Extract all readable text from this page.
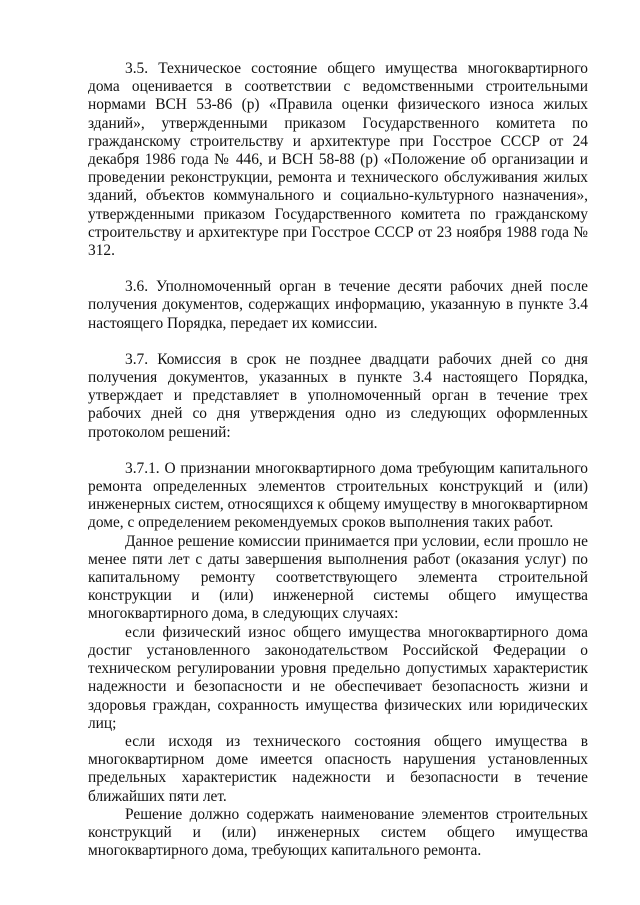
3.5. Техническое состояние общего имущества многоквартирного дома оценивается в соответствии с ведомственными строительными нормами ВСН 53-86 (р) «Правила оценки физического износа жилых зданий», утвержденными приказом Государственного комитета по гражданскому строительству и архитектуре при Госстрое СССР от 24 декабря 1986 года № 446, и ВСН 58-88 (р) «Положение об организации и проведении реконструкции, ремонта и технического обслуживания жилых зданий, объектов коммунального и социально-культурного назначения», утвержденными приказом Государственного комитета по гражданскому строительству и архитектуре при Госстрое СССР от 23 ноября 1988 года № 312.

3.6. Уполномоченный орган в течение десяти рабочих дней после получения документов, содержащих информацию, указанную в пункте 3.4 настоящего Порядка, передает их комиссии.

3.7. Комиссия в срок не позднее двадцати рабочих дней со дня получения документов, указанных в пункте 3.4 настоящего Порядка, утверждает и представляет в уполномоченный орган в течение трех рабочих дней со дня утверждения одно из следующих оформленных протоколом решений:

3.7.1. О признании многоквартирного дома требующим капитального ремонта определенных элементов строительных конструкций и (или) инженерных систем, относящихся к общему имуществу в многоквартирном доме, с определением рекомендуемых сроков выполнения таких работ.

Данное решение комиссии принимается при условии, если прошло не менее пяти лет с даты завершения выполнения работ (оказания услуг) по капитальному ремонту соответствующего элемента строительной конструкции и (или) инженерной системы общего имущества многоквартирного дома, в следующих случаях:

если физический износ общего имущества многоквартирного дома достиг установленного законодательством Российской Федерации о техническом регулировании уровня предельно допустимых характеристик надежности и безопасности и не обеспечивает безопасность жизни и здоровья граждан, сохранность имущества физических или юридических лиц;

если исходя из технического состояния общего имущества в многоквартирном доме имеется опасность нарушения установленных предельных характеристик надежности и безопасности в течение ближайших пяти лет.

Решение должно содержать наименование элементов строительных конструкций и (или) инженерных систем общего имущества многоквартирного дома, требующих капитального ремонта.
